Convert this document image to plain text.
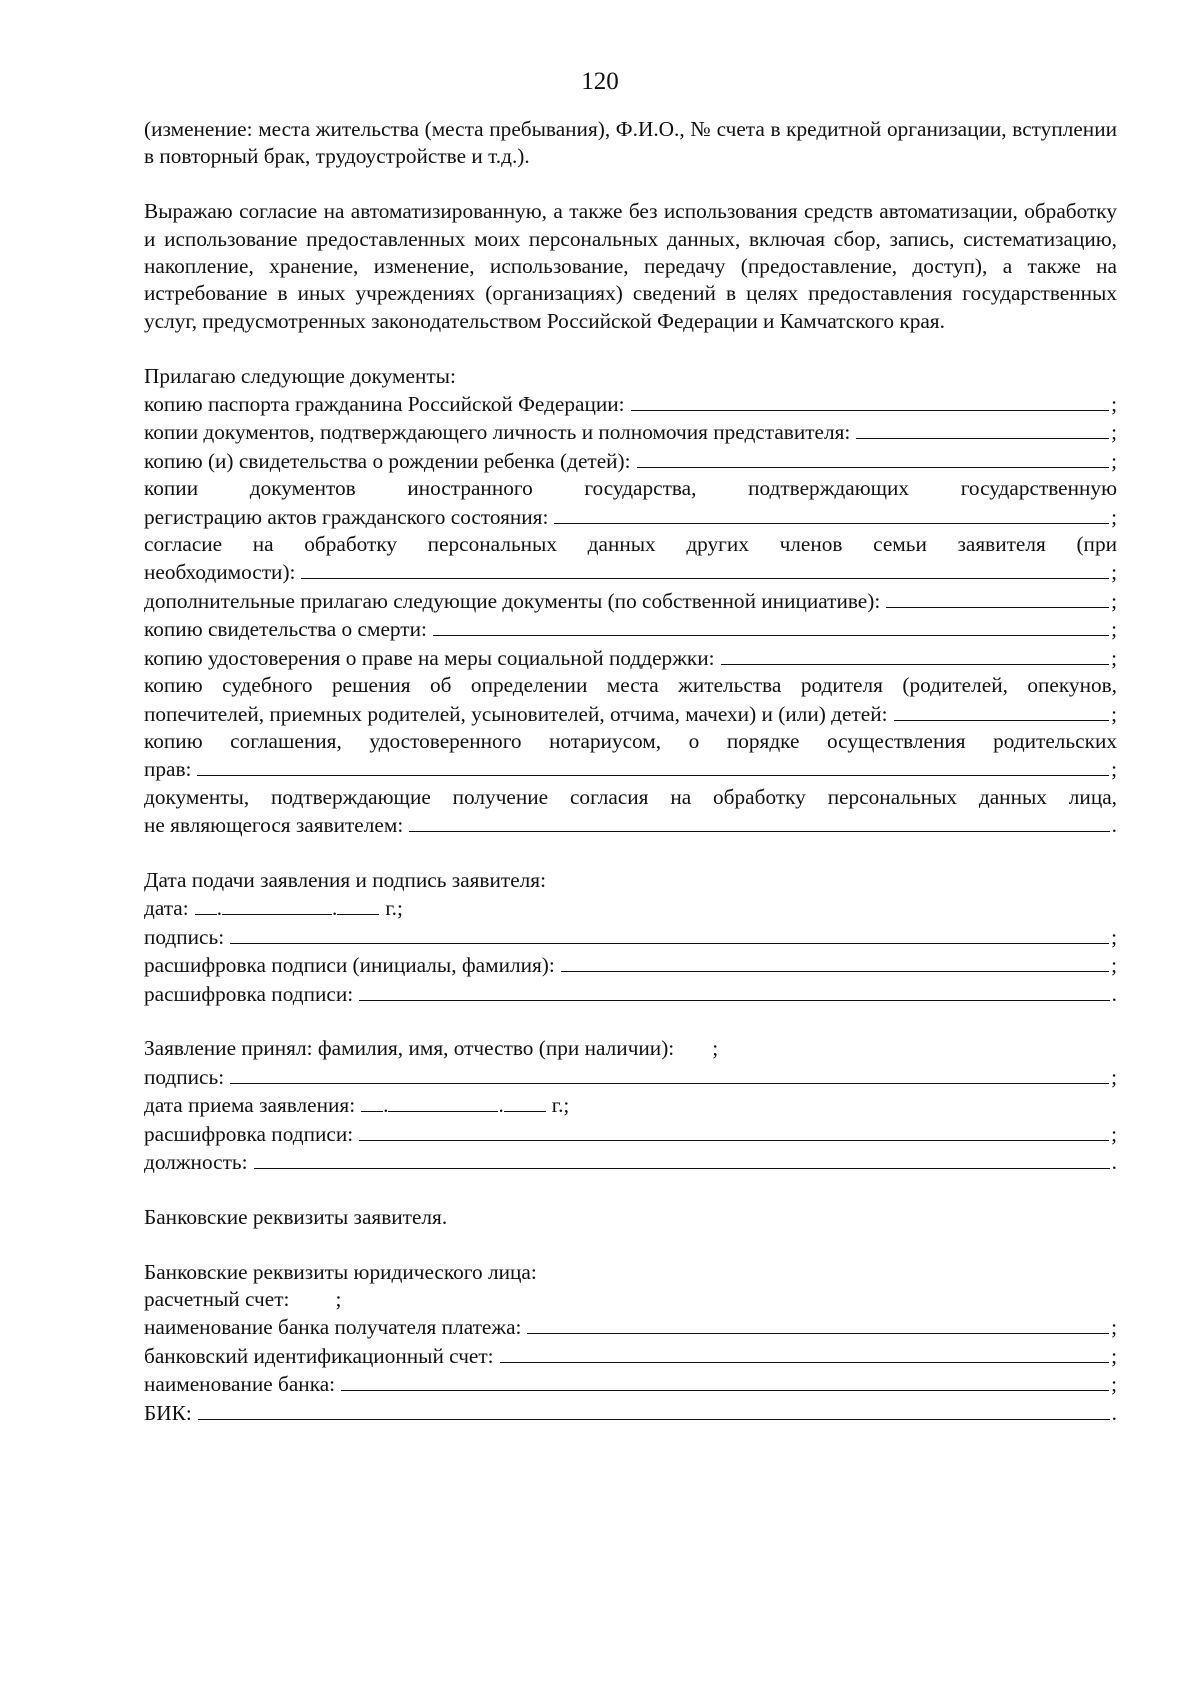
120
(изменение: места жительства (места пребывания), Ф.И.О., № счета в кредитной организации, вступлении в повторный брак, трудоустройстве и т.д.).
Выражаю согласие на автоматизированную, а также без использования средств автоматизации, обработку и использование предоставленных моих персональных данных, включая сбор, запись, систематизацию, накопление, хранение, изменение, использование, передачу (предоставление, доступ), а также на истребование в иных учреждениях (организациях) сведений в целях предоставления государственных услуг, предусмотренных законодательством Российской Федерации и Камчатского края.
Прилагаю следующие документы:
копию паспорта гражданина Российской Федерации:	;
копии документов, подтверждающего личность и полномочия представителя:	;
копию (и) свидетельства о рождении ребенка (детей):	;
копии документов иностранного государства, подтверждающих государственную
регистрацию актов гражданского состояния:	;
согласие на обработку персональных данных других членов семьи заявителя (при
необходимости):	;
дополнительные прилагаю следующие документы (по собственной инициативе):	;
копию свидетельства о смерти:	;
копию удостоверения о праве на меры социальной поддержки:	;
копию судебного решения об определении места жительства родителя (родителей, опекунов,
попечителей, приемных родителей, усыновителей, отчима, мачехи) и (или) детей:	;
копию соглашения, удостоверенного нотариусом, о порядке осуществления родительских
прав:	;
документы, подтверждающие получение согласия на обработку персональных данных лица,
не являющегося заявителем:	.
Дата подачи заявления и подпись заявителя:
дата: .	. г.;
подпись:	;
расшифровка подписи (инициалы, фамилия):	;
расшифровка подписи:	.
Заявление принял: фамилия, имя, отчество (при наличии): ;
подпись:	;
дата приема заявления: .	. г.;
расшифровка подписи:	;
должность:	.
Банковские реквизиты заявителя.
Банковские реквизиты юридического лица:
расчетный счет: ;
наименование банка получателя платежа:	;
банковский идентификационный счет:	;
наименование банка:	;
БИК:	.
